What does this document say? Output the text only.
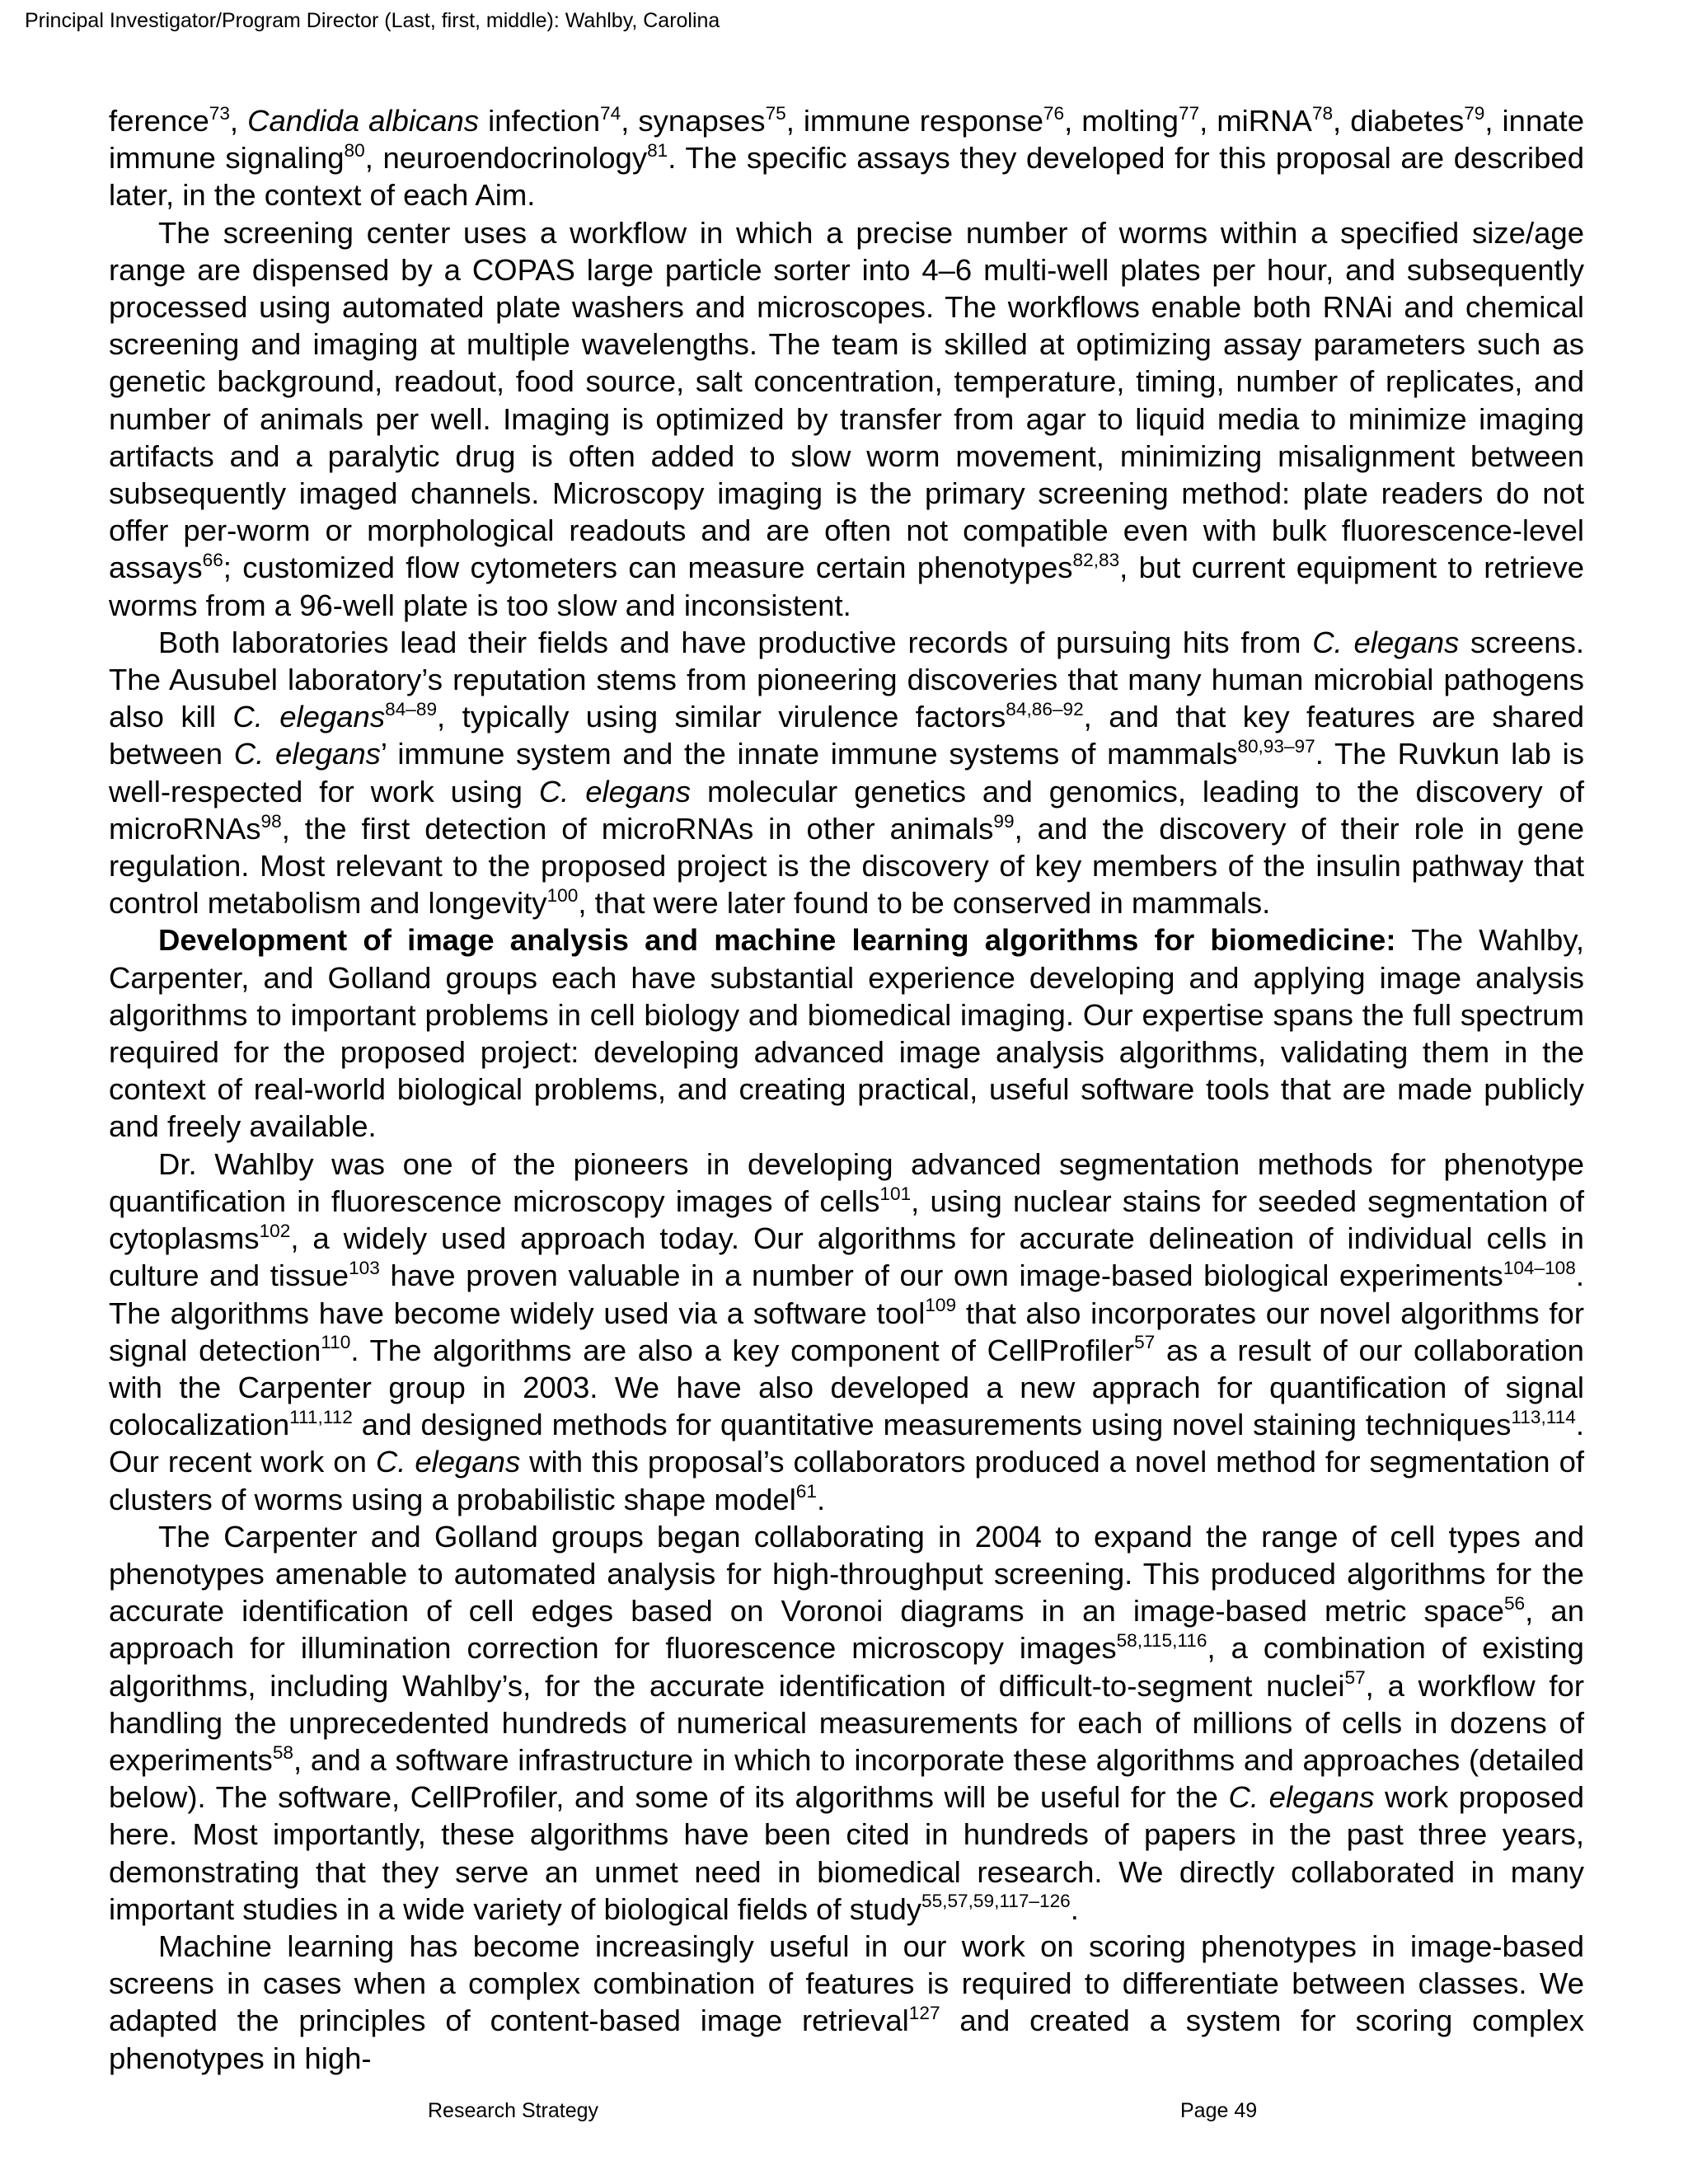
Principal Investigator/Program Director (Last, first, middle): Wahlby, Carolina

ference$^{73}$, Candida albicans infection$^{74}$, synapses$^{75}$, immune response$^{76}$, molting$^{77}$, miRNA$^{78}$, diabetes$^{79}$, innate immune signaling$^{80}$, neuroendocrinology$^{81}$. The specific assays they developed for this proposal are described later, in the context of each Aim.

The screening center uses a workflow in which a precise number of worms within a specified size/age range are dispensed by a COPAS large particle sorter into 4–6 multi-well plates per hour, and subsequently processed using automated plate washers and microscopes. The workflows enable both RNAi and chemical screening and imaging at multiple wavelengths. The team is skilled at optimizing assay parameters such as genetic background, readout, food source, salt concentration, temperature, timing, number of replicates, and number of animals per well. Imaging is optimized by transfer from agar to liquid media to minimize imaging artifacts and a paralytic drug is often added to slow worm movement, minimizing misalignment between subsequently imaged channels. Microscopy imaging is the primary screening method: plate readers do not offer per-worm or morphological readouts and are often not compatible even with bulk fluorescence-level assays$^{66}$; customized flow cytometers can measure certain phenotypes$^{82,83}$, but current equipment to retrieve worms from a 96-well plate is too slow and inconsistent.

Both laboratories lead their fields and have productive records of pursuing hits from C. elegans screens. The Ausubel laboratory’s reputation stems from pioneering discoveries that many human microbial pathogens also kill C. elegans$^{84-89}$, typically using similar virulence factors$^{84,86-92}$, and that key features are shared between C. elegans’ immune system and the innate immune systems of mammals$^{80,93-97}$. The Ruvkun lab is well-respected for work using C. elegans molecular genetics and genomics, leading to the discovery of microRNAs$^{98}$, the first detection of microRNAs in other animals$^{99}$, and the discovery of their role in gene regulation. Most relevant to the proposed project is the discovery of key members of the insulin pathway that control metabolism and longevity$^{100}$, that were later found to be conserved in mammals.

Development of image analysis and machine learning algorithms for biomedicine: The Wahlby, Carpenter, and Golland groups each have substantial experience developing and applying image analysis algorithms to important problems in cell biology and biomedical imaging. Our expertise spans the full spectrum required for the proposed project: developing advanced image analysis algorithms, validating them in the context of real-world biological problems, and creating practical, useful software tools that are made publicly and freely available.

Dr. Wahlby was one of the pioneers in developing advanced segmentation methods for phenotype quantification in fluorescence microscopy images of cells$^{101}$, using nuclear stains for seeded segmentation of cytoplasms$^{102}$, a widely used approach today. Our algorithms for accurate delineation of individual cells in culture and tissue$^{103}$ have proven valuable in a number of our own image-based biological experiments$^{104-108}$. The algorithms have become widely used via a software tool$^{109}$ that also incorporates our novel algorithms for signal detection$^{110}$. The algorithms are also a key component of CellProfiler$^{57}$ as a result of our collaboration with the Carpenter group in 2003. We have also developed a new apprach for quantification of signal colocalization$^{111,112}$ and designed methods for quantitative measurements using novel staining techniques$^{113,114}$. Our recent work on C. elegans with this proposal’s collaborators produced a novel method for segmentation of clusters of worms using a probabilistic shape model$^{61}$.

The Carpenter and Golland groups began collaborating in 2004 to expand the range of cell types and phenotypes amenable to automated analysis for high-throughput screening. This produced algorithms for the accurate identification of cell edges based on Voronoi diagrams in an image-based metric space$^{56}$, an approach for illumination correction for fluorescence microscopy images$^{58,115,116}$, a combination of existing algorithms, including Wahlby’s, for the accurate identification of difficult-to-segment nuclei$^{57}$, a workflow for handling the unprecedented hundreds of numerical measurements for each of millions of cells in dozens of experiments$^{58}$, and a software infrastructure in which to incorporate these algorithms and approaches (detailed below). The software, CellProfiler, and some of its algorithms will be useful for the C. elegans work proposed here. Most importantly, these algorithms have been cited in hundreds of papers in the past three years, demonstrating that they serve an unmet need in biomedical research. We directly collaborated in many important studies in a wide variety of biological fields of study$^{55,57,59,117-126}$.

Machine learning has become increasingly useful in our work on scoring phenotypes in image-based screens in cases when a complex combination of features is required to differentiate between classes. We adapted the principles of content-based image retrieval$^{127}$ and created a system for scoring complex phenotypes in high-

Research Strategy	Page 49
